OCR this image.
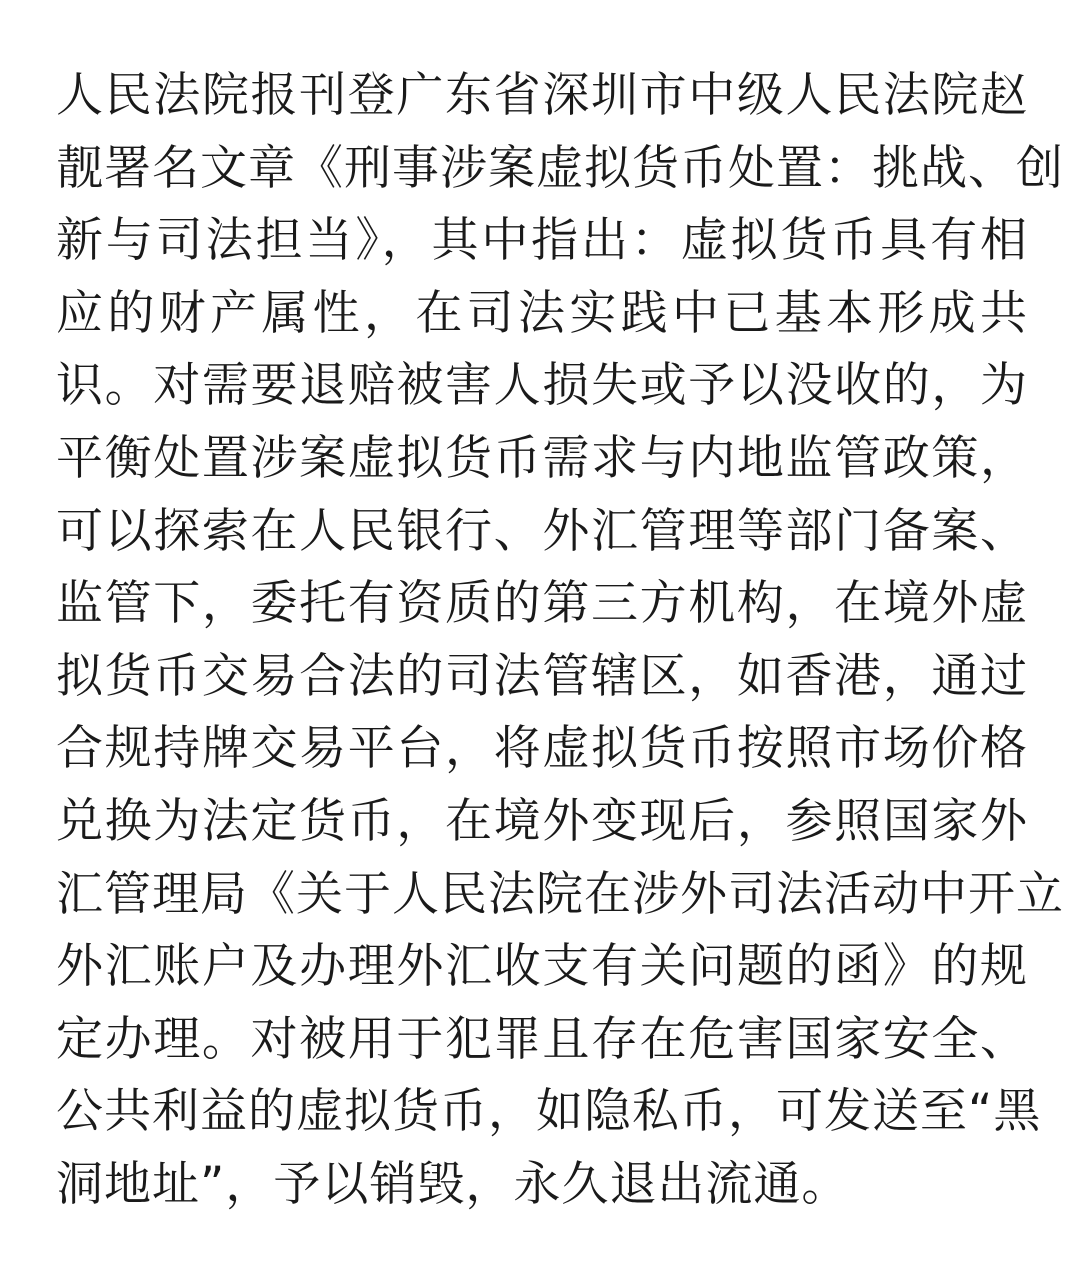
人民法院报刊登广东省深圳市中级人民法院赵
靓署名文章《刑事涉案虚拟货币处置：挑战、创
新与司法担当》，其中指出：虚拟货币具有相
应的财产属性，在司法实践中已基本形成共
识。对需要退赔被害人损失或予以没收的，为
平衡处置涉案虚拟货币需求与内地监管政策，
可以探索在人民银行、外汇管理等部门备案、
监管下，委托有资质的第三方机构，在境外虚
拟货币交易合法的司法管辖区，如香港，通过
合规持牌交易平台，将虚拟货币按照市场价格
兑换为法定货币，在境外变现后，参照国家外
汇管理局《关于人民法院在涉外司法活动中开立
外汇账户及办理外汇收支有关问题的函》的规
定办理。对被用于犯罪且存在危害国家安全、
公共利益的虚拟货币，如隐私币，可发送至“黑
洞地址”，予以销毁，永久退出流通。
